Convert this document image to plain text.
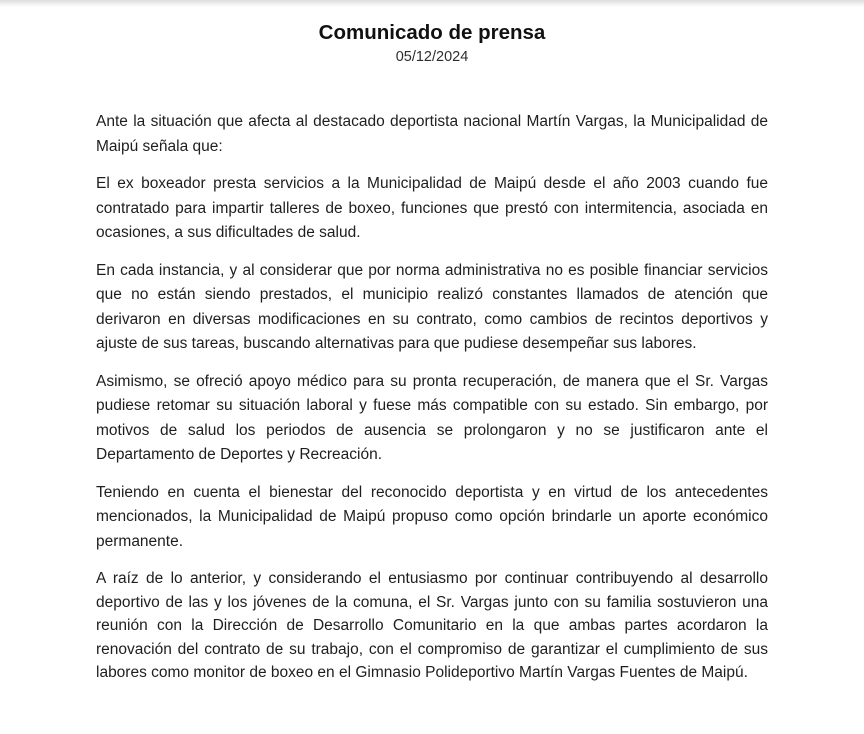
Comunicado de prensa
05/12/2024

Ante la situación que afecta al destacado deportista nacional Martín Vargas, la Municipalidad de Maipú señala que:

El ex boxeador presta servicios a la Municipalidad de Maipú desde el año 2003 cuando fue contratado para impartir talleres de boxeo, funciones que prestó con intermitencia, asociada en ocasiones, a sus dificultades de salud.

En cada instancia, y al considerar que por norma administrativa no es posible financiar servicios que no están siendo prestados, el municipio realizó constantes llamados de atención que derivaron en diversas modificaciones en su contrato, como cambios de recintos deportivos y ajuste de sus tareas, buscando alternativas para que pudiese desempeñar sus labores.

Asimismo, se ofreció apoyo médico para su pronta recuperación, de manera que el Sr. Vargas pudiese retomar su situación laboral y fuese más compatible con su estado. Sin embargo, por motivos de salud los periodos de ausencia se prolongaron y no se justificaron ante el Departamento de Deportes y Recreación.

Teniendo en cuenta el bienestar del reconocido deportista y en virtud de los antecedentes mencionados, la Municipalidad de Maipú propuso como opción brindarle un aporte económico permanente.

A raíz de lo anterior, y considerando el entusiasmo por continuar contribuyendo al desarrollo deportivo de las y los jóvenes de la comuna, el Sr. Vargas junto con su familia sostuvieron una reunión con la Dirección de Desarrollo Comunitario en la que ambas partes acordaron la renovación del contrato de su trabajo, con el compromiso de garantizar el cumplimiento de sus labores como monitor de boxeo en el Gimnasio Polideportivo Martín Vargas Fuentes de Maipú.
